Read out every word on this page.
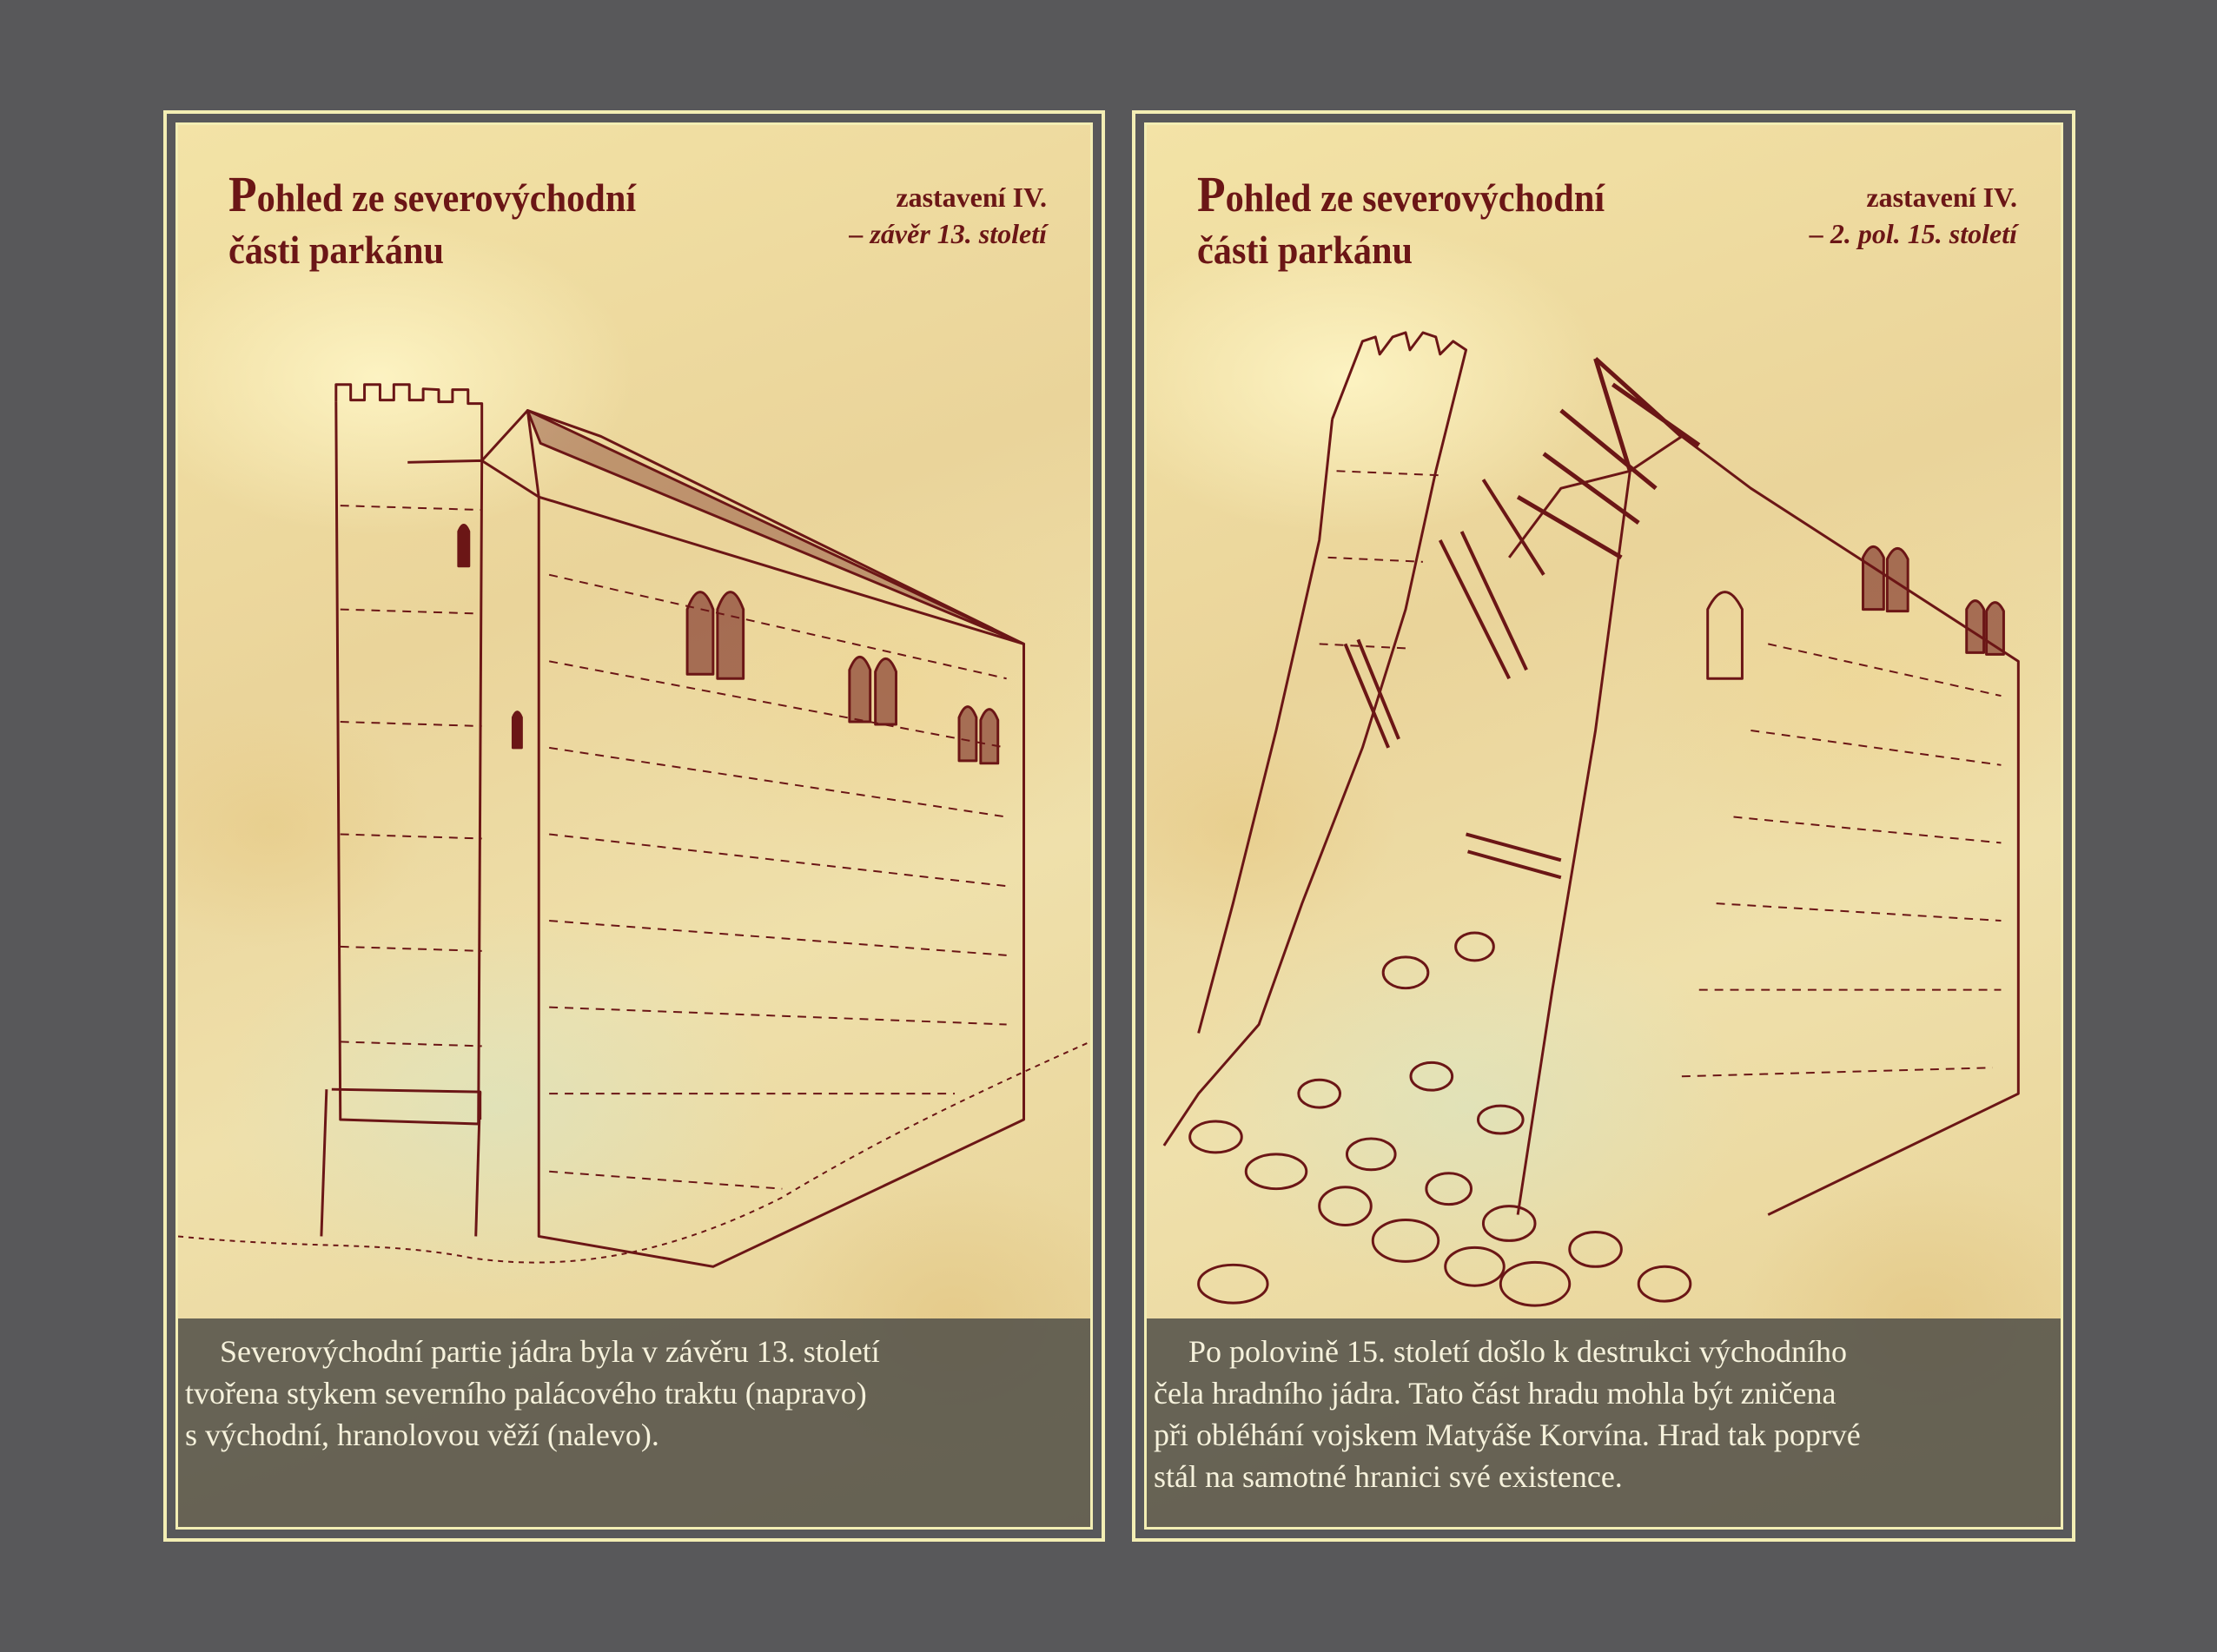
Pohled ze severovýchodní
části parkánu
zastavení IV.
– závěr 13. století
Severovýchodní partie jádra byla v závěru 13. století
tvořena stykem severního palácového traktu (napravo)
s východní, hranolovou věží (nalevo).
Pohled ze severovýchodní
části parkánu
zastavení IV.
– 2. pol. 15. století
Po polovině 15. století došlo k destrukci východního
čela hradního jádra. Tato část hradu mohla být zničena
při obléhání vojskem Matyáše Korvína. Hrad tak poprvé
stál na samotné hranici své existence.
